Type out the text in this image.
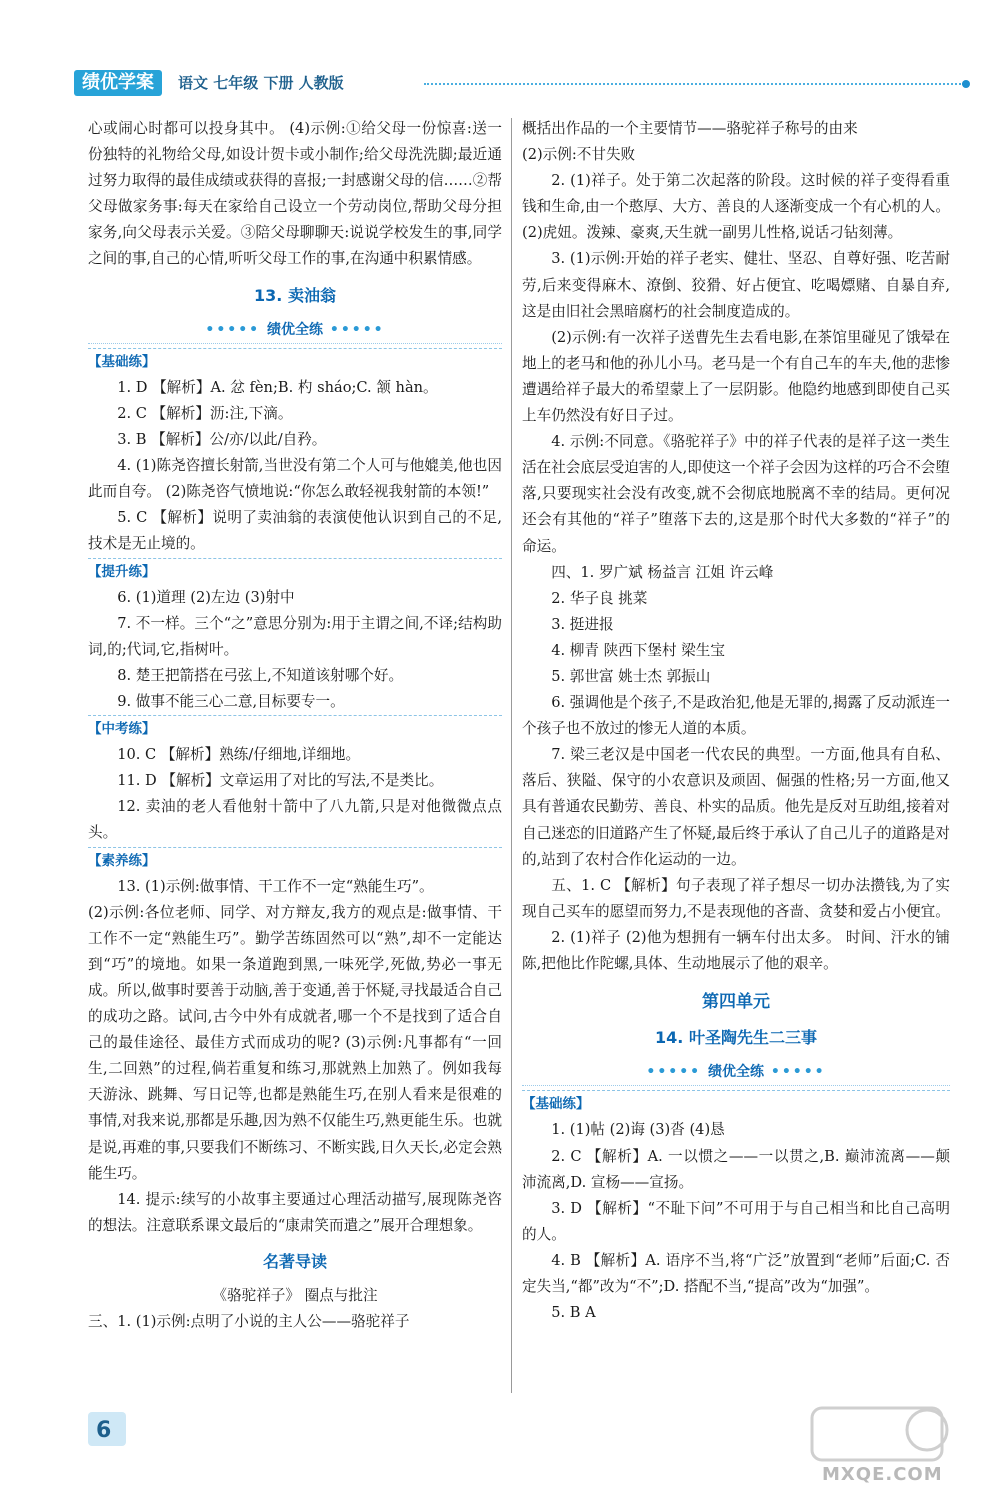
绩优学案	语文 七年级 下册 人教版

心或闹心时都可以投身其中。 (4)示例:①给父母一份惊喜:送一份独特的礼物给父母,如设计贺卡或小制作;给父母洗洗脚;最近通过努力取得的最佳成绩或获得的喜报;一封感谢父母的信……②帮父母做家务事:每天在家给自己设立一个劳动岗位,帮助父母分担家务,向父母表示关爱。③陪父母聊聊天:说说学校发生的事,同学之间的事,自己的心情,听听父母工作的事,在沟通中积累情感。

13. 卖油翁
••••• 绩优全练 •••••
【基础练】

1. D 【解析】A. 忿 fèn;B. 杓 sháo;C. 颔 hàn。

2. C 【解析】沥:注,下滴。

3. B 【解析】公/亦/以此/自矜。

4. (1)陈尧咨擅长射箭,当世没有第二个人可与他媲美,他也因此而自夸。 (2)陈尧咨气愤地说:“你怎么敢轻视我射箭的本领!”

5. C 【解析】说明了卖油翁的表演使他认识到自己的不足,技术是无止境的。

【提升练】

6. (1)道理 (2)左边 (3)射中

7. 不一样。三个“之”意思分别为:用于主谓之间,不译;结构助词,的;代词,它,指树叶。

8. 楚王把箭搭在弓弦上,不知道该射哪个好。

9. 做事不能三心二意,目标要专一。

【中考练】

10. C 【解析】熟练/仔细地,详细地。

11. D 【解析】文章运用了对比的写法,不是类比。

12. 卖油的老人看他射十箭中了八九箭,只是对他微微点点头。

【素养练】

13. (1)示例:做事情、干工作不一定“熟能生巧”。

(2)示例:各位老师、同学、对方辩友,我方的观点是:做事情、干工作不一定“熟能生巧”。勤学苦练固然可以“熟”,却不一定能达到“巧”的境地。如果一条道跑到黑,一味死学,死做,势必一事无成。所以,做事时要善于动脑,善于变通,善于怀疑,寻找最适合自己的成功之路。试问,古今中外有成就者,哪一个不是找到了适合自己的最佳途径、最佳方式而成功的呢? (3)示例:凡事都有“一回生,二回熟”的过程,倘若重复和练习,那就熟上加熟了。例如我每天游泳、跳舞、写日记等,也都是熟能生巧,在别人看来是很难的事情,对我来说,那都是乐趣,因为熟不仅能生巧,熟更能生乐。也就是说,再难的事,只要我们不断练习、不断实践,日久天长,必定会熟能生巧。

14. 提示:续写的小故事主要通过心理活动描写,展现陈尧咨的想法。注意联系课文最后的“康肃笑而遣之”展开合理想象。

名著导读

《骆驼祥子》 圈点与批注

三、1. (1)示例:点明了小说的主人公——骆驼祥子

概括出作品的一个主要情节——骆驼祥子称号的由来

(2)示例:不甘失败

2. (1)祥子。处于第二次起落的阶段。这时候的祥子变得看重钱和生命,由一个憨厚、大方、善良的人逐渐变成一个有心机的人。 (2)虎妞。泼辣、豪爽,天生就一副男儿性格,说话刁钻刻薄。

3. (1)示例:开始的祥子老实、健壮、坚忍、自尊好强、吃苦耐劳,后来变得麻木、潦倒、狡猾、好占便宜、吃喝嫖赌、自暴自弃,这是由旧社会黑暗腐朽的社会制度造成的。

(2)示例:有一次祥子送曹先生去看电影,在茶馆里碰见了饿晕在地上的老马和他的孙儿小马。老马是一个有自己车的车夫,他的悲惨遭遇给祥子最大的希望蒙上了一层阴影。他隐约地感到即使自己买上车仍然没有好日子过。

4. 示例:不同意。《骆驼祥子》中的祥子代表的是祥子这一类生活在社会底层受迫害的人,即使这一个祥子会因为这样的巧合不会堕落,只要现实社会没有改变,就不会彻底地脱离不幸的结局。更何况还会有其他的“祥子”堕落下去的,这是那个时代大多数的“祥子”的命运。

四、1. 罗广斌 杨益言 江姐 许云峰

2. 华子良 挑菜

3. 挺进报

4. 柳青 陕西下堡村 梁生宝

5. 郭世富 姚士杰 郭振山

6. 强调他是个孩子,不是政治犯,他是无罪的,揭露了反动派连一个孩子也不放过的惨无人道的本质。

7. 梁三老汉是中国老一代农民的典型。一方面,他具有自私、落后、狭隘、保守的小农意识及顽固、倔强的性格;另一方面,他又具有普通农民勤劳、善良、朴实的品质。他先是反对互助组,接着对自己迷恋的旧道路产生了怀疑,最后终于承认了自己儿子的道路是对的,站到了农村合作化运动的一边。

五、1. C 【解析】句子表现了祥子想尽一切办法攒钱,为了实现自己买车的愿望而努力,不是表现他的吝啬、贪婪和爱占小便宜。

2. (1)祥子 (2)他为想拥有一辆车付出太多。 时间、汗水的铺陈,把他比作陀螺,具体、生动地展示了他的艰辛。

第四单元
14. 叶圣陶先生二三事
••••• 绩优全练 •••••
【基础练】

1. (1)帖 (2)诲 (3)沓 (4)恳

2. C 【解析】A. 一以惯之——一以贯之,B. 巅沛流离——颠沛流离,D. 宣杨——宣扬。

3. D 【解析】“不耻下问”不可用于与自己相当和比自己高明的人。

4. B 【解析】A. 语序不当,将“广泛”放置到“老师”后面;C. 否定失当,“都”改为“不”;D. 搭配不当,“提高”改为“加强”。

5. B A

6
MXQE.COM
